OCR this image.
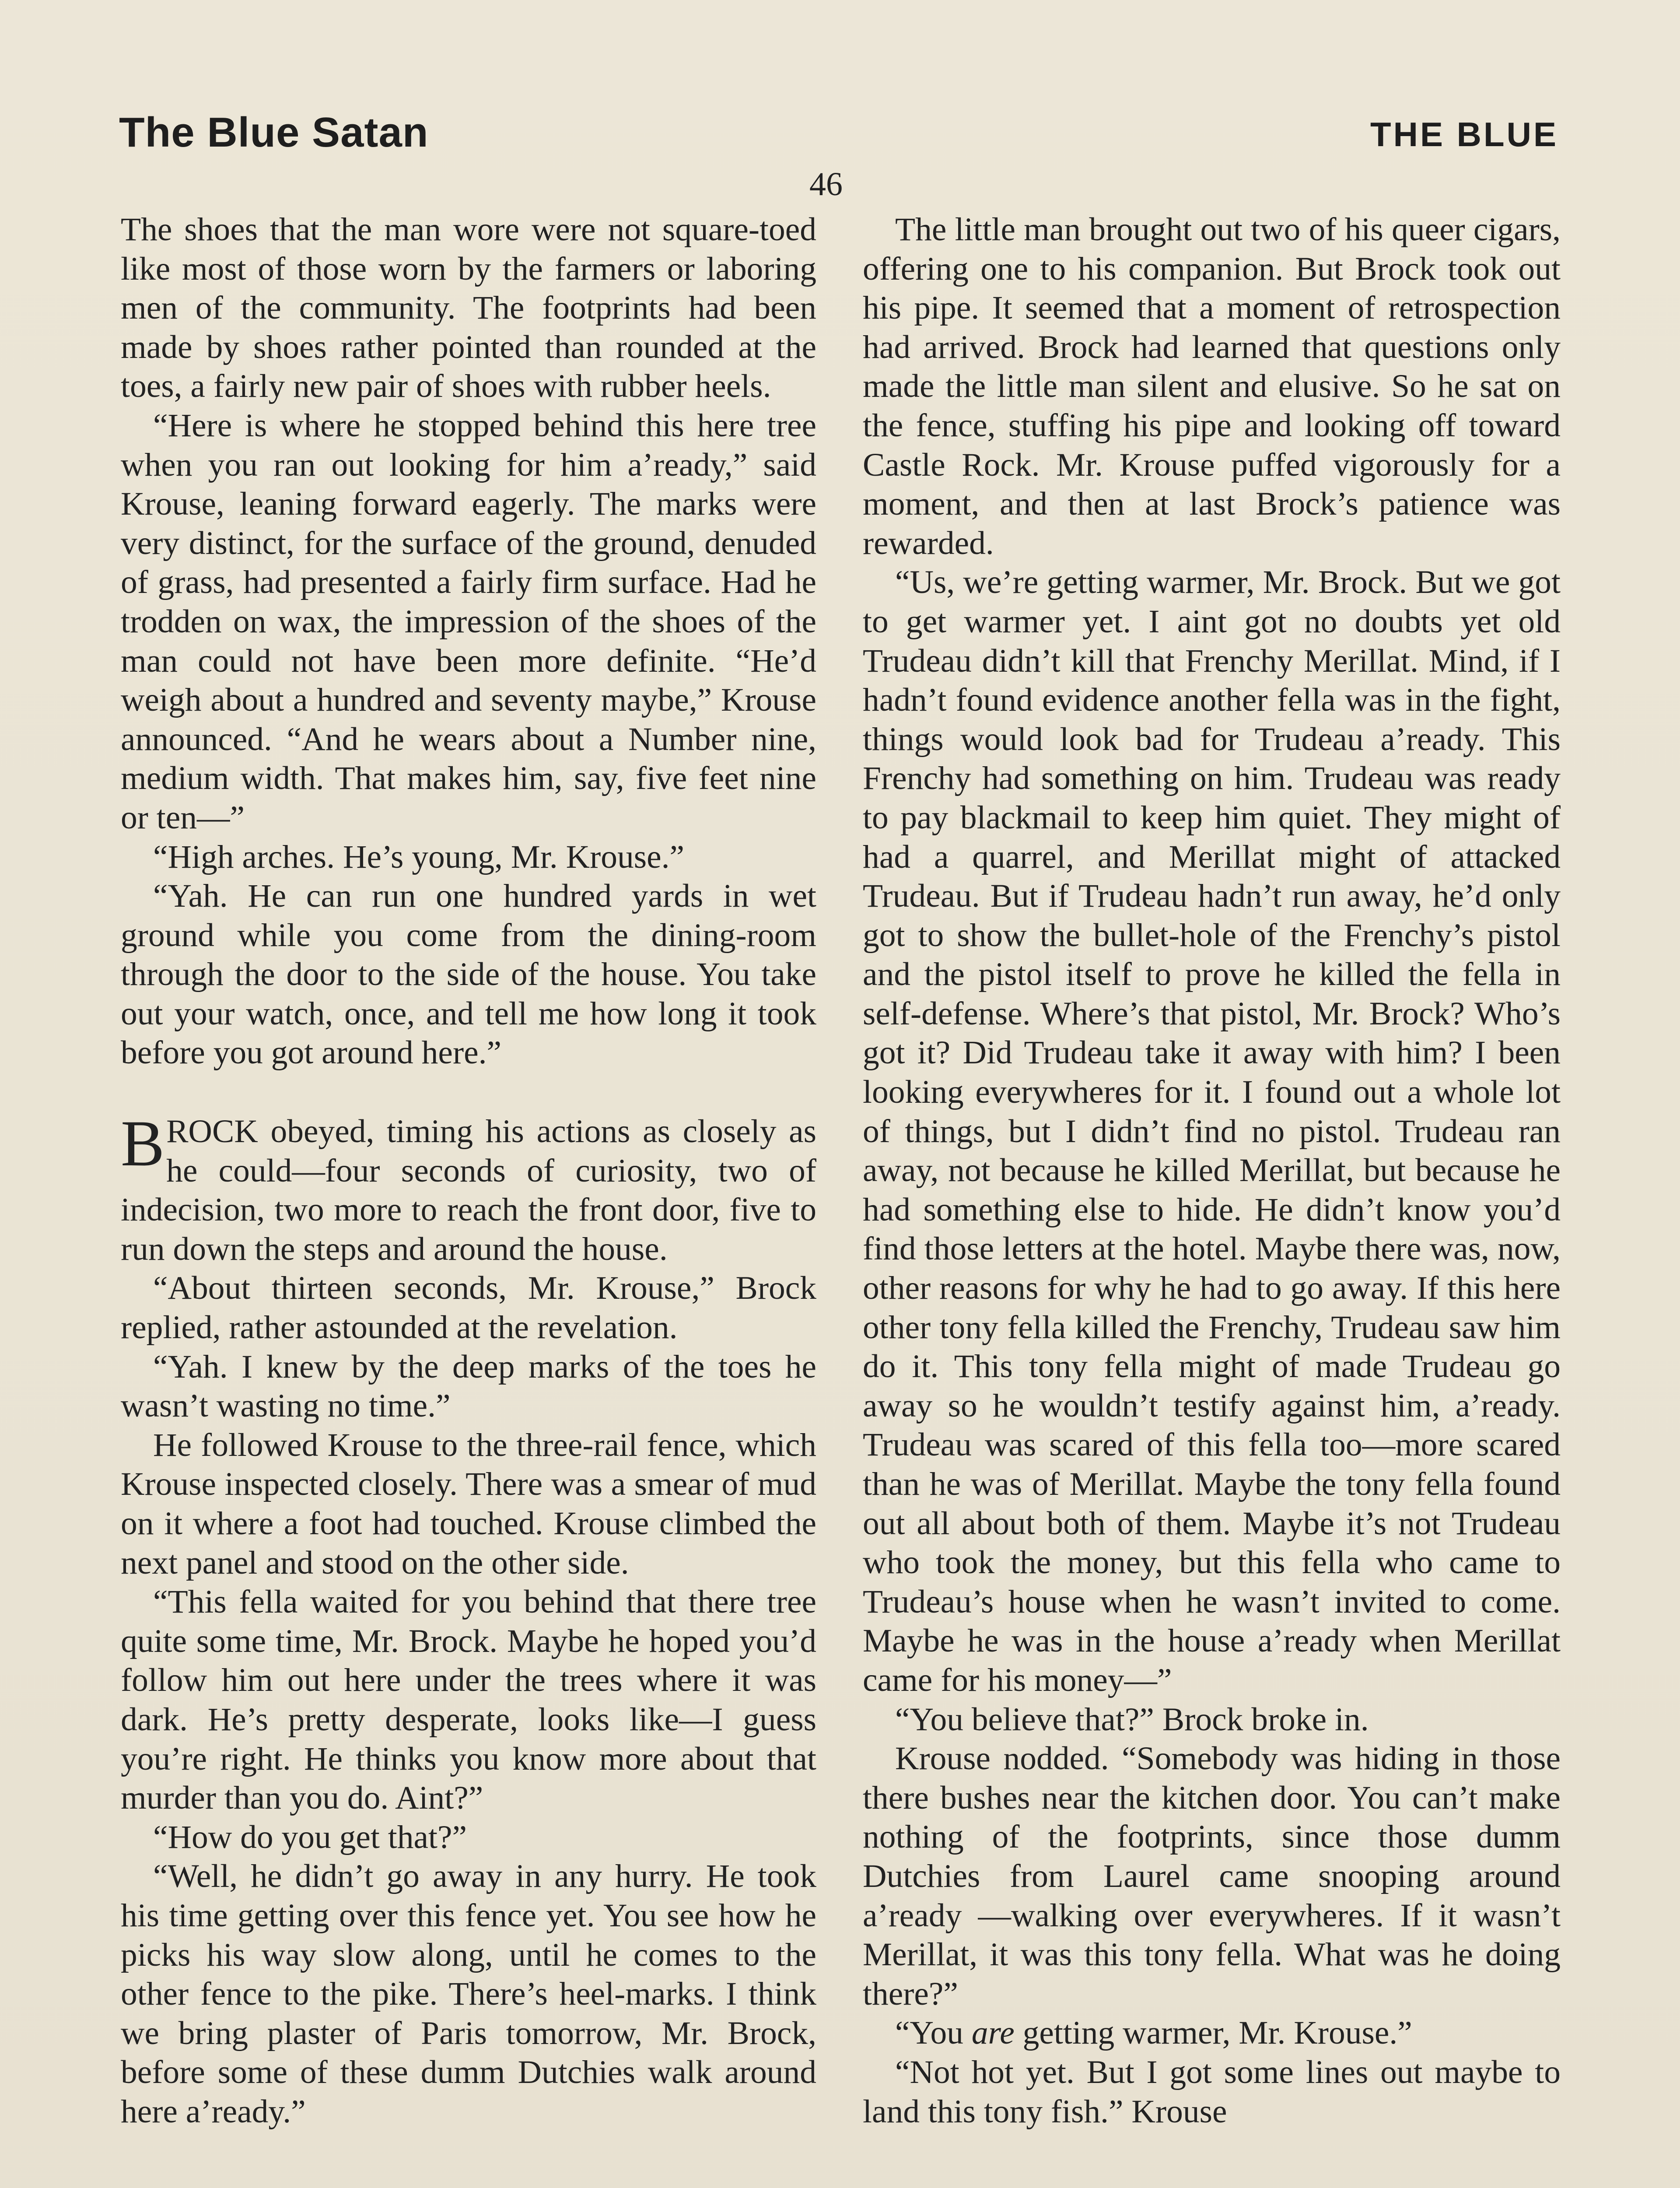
The Blue Satan	THE BLUE
46

The shoes that the man wore were not square-toed like most of those worn by the farmers or laboring men of the community. The footprints had been made by shoes rather pointed than rounded at the toes, a fairly new pair of shoes with rubber heels.

“Here is where he stopped behind this here tree when you ran out looking for him a’ready,” said Krouse, leaning forward eagerly. The marks were very distinct, for the surface of the ground, denuded of grass, had presented a fairly firm surface. Had he trodden on wax, the impression of the shoes of the man could not have been more definite. “He’d weigh about a hundred and seventy maybe,” Krouse announced. “And he wears about a Number nine, medium width. That makes him, say, five feet nine or ten—”

“High arches. He’s young, Mr. Krouse.”

“Yah. He can run one hundred yards in wet ground while you come from the dining-room through the door to the side of the house. You take out your watch, once, and tell me how long it took before you got around here.”

BROCK obeyed, timing his actions as closely as he could—four seconds of curiosity, two of indecision, two more to reach the front door, five to run down the steps and around the house.

“About thirteen seconds, Mr. Krouse,” Brock replied, rather astounded at the revelation.

“Yah. I knew by the deep marks of the toes he wasn’t wasting no time.”

He followed Krouse to the three-rail fence, which Krouse inspected closely. There was a smear of mud on it where a foot had touched. Krouse climbed the next panel and stood on the other side.

“This fella waited for you behind that there tree quite some time, Mr. Brock. Maybe he hoped you’d follow him out here under the trees where it was dark. He’s pretty desperate, looks like—I guess you’re right. He thinks you know more about that murder than you do. Aint?”

“How do you get that?”

“Well, he didn’t go away in any hurry. He took his time getting over this fence yet. You see how he picks his way slow along, until he comes to the other fence to the pike. There’s heel-marks. I think we bring plaster of Paris tomorrow, Mr. Brock, before some of these dumm Dutchies walk around here a’ready.”

The little man brought out two of his queer cigars, offering one to his companion. But Brock took out his pipe. It seemed that a moment of retrospection had arrived. Brock had learned that questions only made the little man silent and elusive. So he sat on the fence, stuffing his pipe and looking off toward Castle Rock. Mr. Krouse puffed vigorously for a moment, and then at last Brock’s patience was rewarded.

“Us, we’re getting warmer, Mr. Brock. But we got to get warmer yet. I aint got no doubts yet old Trudeau didn’t kill that Frenchy Merillat. Mind, if I hadn’t found evidence another fella was in the fight, things would look bad for Trudeau a’ready. This Frenchy had something on him. Trudeau was ready to pay blackmail to keep him quiet. They might of had a quarrel, and Merillat might of attacked Trudeau. But if Trudeau hadn’t run away, he’d only got to show the bullet-hole of the Frenchy’s pistol and the pistol itself to prove he killed the fella in self-defense. Where’s that pistol, Mr. Brock? Who’s got it? Did Trudeau take it away with him? I been looking everywheres for it. I found out a whole lot of things, but I didn’t find no pistol. Trudeau ran away, not because he killed Merillat, but because he had something else to hide. He didn’t know you’d find those letters at the hotel. Maybe there was, now, other reasons for why he had to go away. If this here other tony fella killed the Frenchy, Trudeau saw him do it. This tony fella might of made Trudeau go away so he wouldn’t testify against him, a’ready. Trudeau was scared of this fella too—more scared than he was of Merillat. Maybe the tony fella found out all about both of them. Maybe it’s not Trudeau who took the money, but this fella who came to Trudeau’s house when he wasn’t invited to come. Maybe he was in the house a’ready when Merillat came for his money—”

“You believe that?” Brock broke in.

Krouse nodded. “Somebody was hiding in those there bushes near the kitchen door. You can’t make nothing of the footprints, since those dumm Dutchies from Laurel came snooping around a’ready —walking over everywheres. If it wasn’t Merillat, it was this tony fella. What was he doing there?”

“You are getting warmer, Mr. Krouse.”

“Not hot yet. But I got some lines out maybe to land this tony fish.” Krouse
